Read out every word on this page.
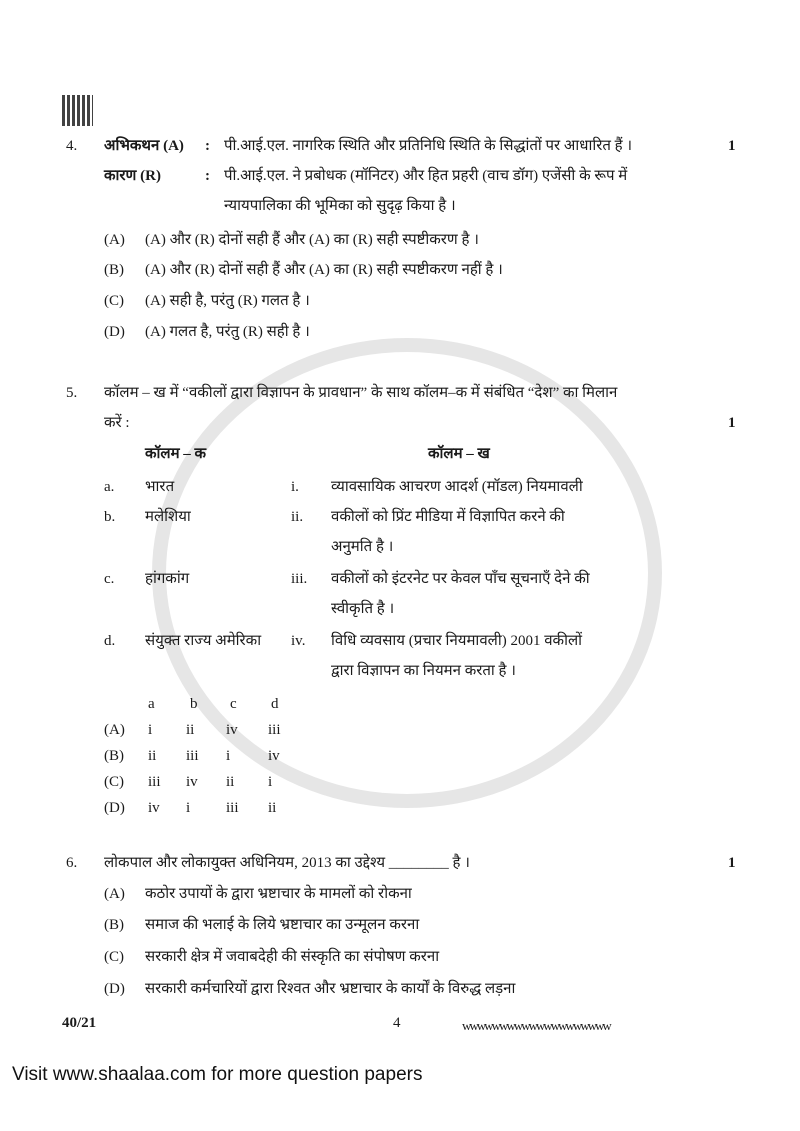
4. अभिकथन (A) : पी.आई.एल. नागरिक स्थिति और प्रतिनिधि स्थिति के सिद्धांतों पर आधारित हैं ।	1
कारण (R)	: पी.आई.एल. ने प्रबोधक (मॉनिटर) और हित प्रहरी (वाच डॉग) एजेंसी के रूप में
न्यायपालिका की भूमिका को सुदृढ़ किया है ।
(A) (A) और (R) दोनों सही हैं और (A) का (R) सही स्पष्टीकरण है ।
(B) (A) और (R) दोनों सही हैं और (A) का (R) सही स्पष्टीकरण नहीं है ।
(C) (A) सही है, परंतु (R) गलत है ।
(D) (A) गलत है, परंतु (R) सही है ।
5. कॉलम – ख में “वकीलों द्वारा विज्ञापन के प्रावधान” के साथ कॉलम–क में संबंधित “देश” का मिलान
करें :	1
कॉलम – क	कॉलम – ख
a. भारत	i. व्यावसायिक आचरण आदर्श (मॉडल) नियमावली
b. मलेशिया	ii. वकीलों को प्रिंट मीडिया में विज्ञापित करने की
अनुमति है ।
c. हांगकांग	iii. वकीलों को इंटरनेट पर केवल पाँच सूचनाएँ देने की
स्वीकृति है ।
d. संयुक्त राज्य अमेरिका iv. विधि व्यवसाय (प्रचार नियमावली) 2001 वकीलों
द्वारा विज्ञापन का नियमन करता है ।
a b c d
(A) i ii iv iii
(B) ii iii i	iv
(C) iii iv ii i
(D) iv i iii ii
6. लोकपाल और लोकायुक्त अधिनियम, 2013 का उद्देश्य ________ है ।	1
(A) कठोर उपायों के द्वारा भ्रष्टाचार के मामलों को रोकना
(B) समाज की भलाई के लिये भ्रष्टाचार का उन्मूलन करना
(C) सरकारी क्षेत्र में जवाबदेही की संस्कृति का संपोषण करना
(D) सरकारी कर्मचारियों द्वारा रिश्वत और भ्रष्टाचार के कार्यों के विरुद्ध लड़ना
40/21	4	wwwwwwwwwwwwwwwwwwww
Visit www.shaalaa.com for more question papers
